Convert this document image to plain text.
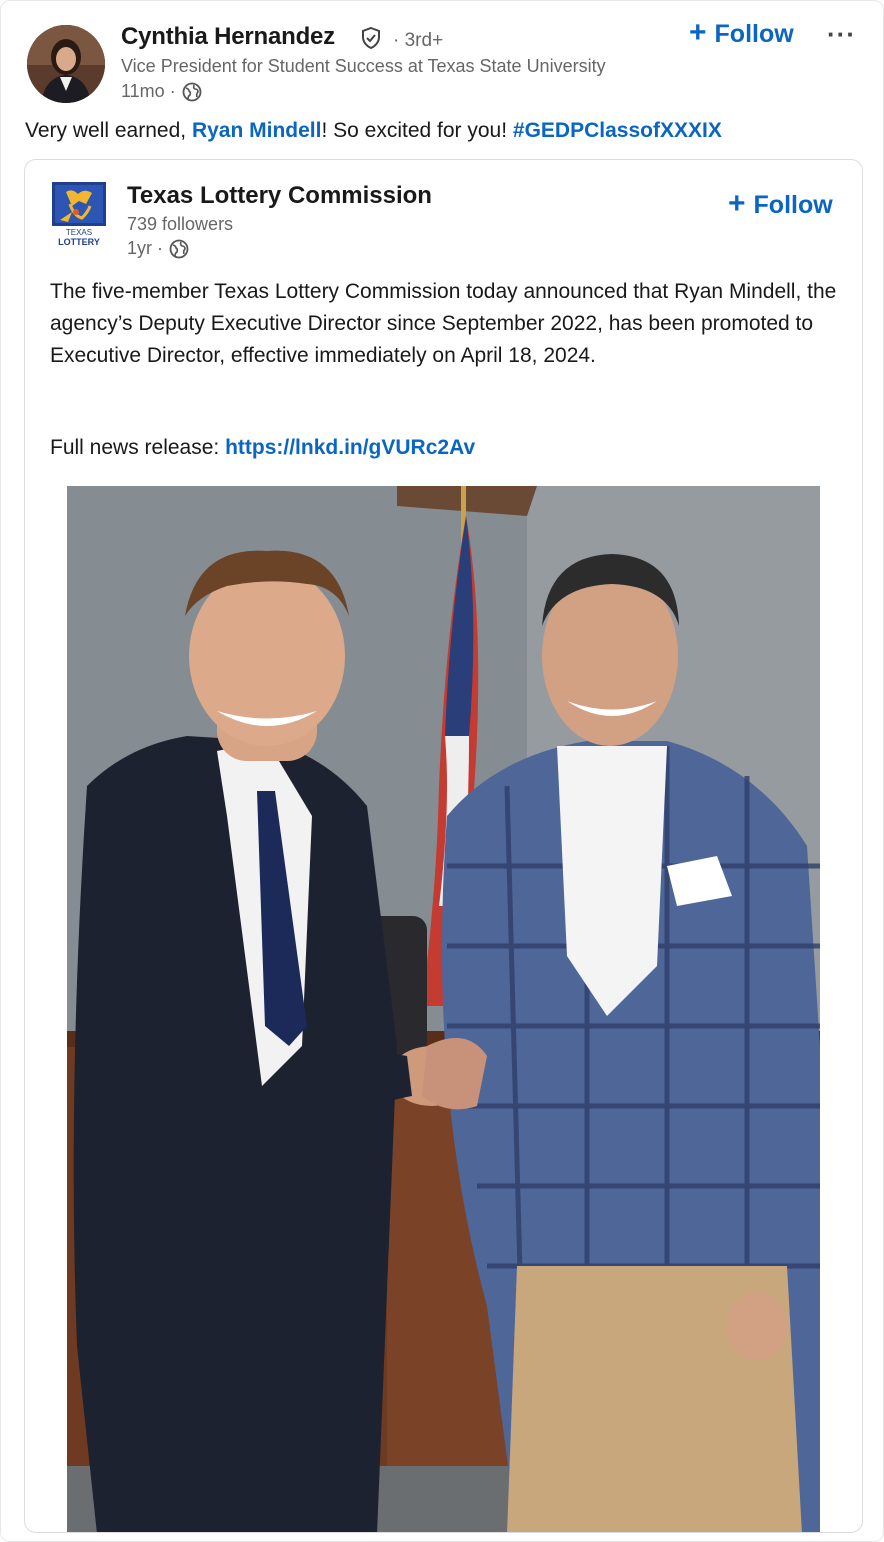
Cynthia Hernandez	· 3rd+
Vice President for Student Success at Texas State University
11mo ·
+ Follow ···

Very well earned, Ryan Mindell! So excited for you! #GEDPClassofXXXIX

TEXAS
LOTTERY
Texas Lottery Commission
739 followers
1yr ·
+ Follow

The five-member Texas Lottery Commission today announced that Ryan Mindell, the agency’s Deputy Executive Director since September 2022, has been promoted to Executive Director, effective immediately on April 18, 2024.

Full news release: https://lnkd.in/gVURc2Av
